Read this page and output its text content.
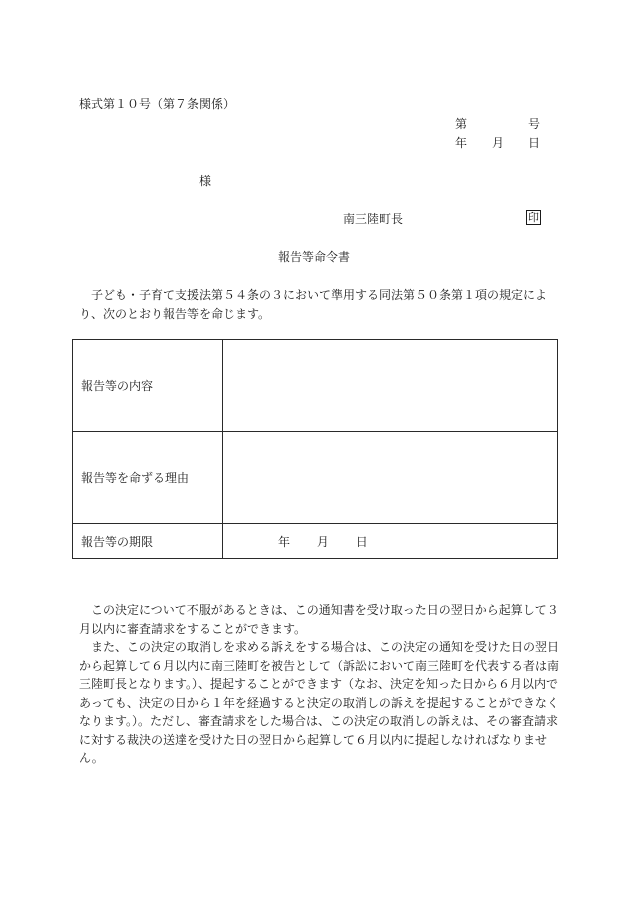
様式第１０号（第７条関係）
第	号
年 月 日
様
南三陸町長	印
報告等命令書
子ども・子育て支援法第５４条の３において準用する同法第５０条第１項の規定により、次のとおり報告等を命じます。
報告等の内容	
報告等を命ずる理由	
報告等の期限	年 月 日

この決定について不服があるときは、この通知書を受け取った日の翌日から起算して３月以内に審査請求をすることができます。

また、この決定の取消しを求める訴えをする場合は、この決定の通知を受けた日の翌日から起算して６月以内に南三陸町を被告として（訴訟において南三陸町を代表する者は南三陸町長となります。）、提起することができます（なお、決定を知った日から６月以内であっても、決定の日から１年を経過すると決定の取消しの訴えを提起することができなくなります。）。ただし、審査請求をした場合は、この決定の取消しの訴えは、その審査請求に対する裁決の送達を受けた日の翌日から起算して６月以内に提起しなければなりません。
